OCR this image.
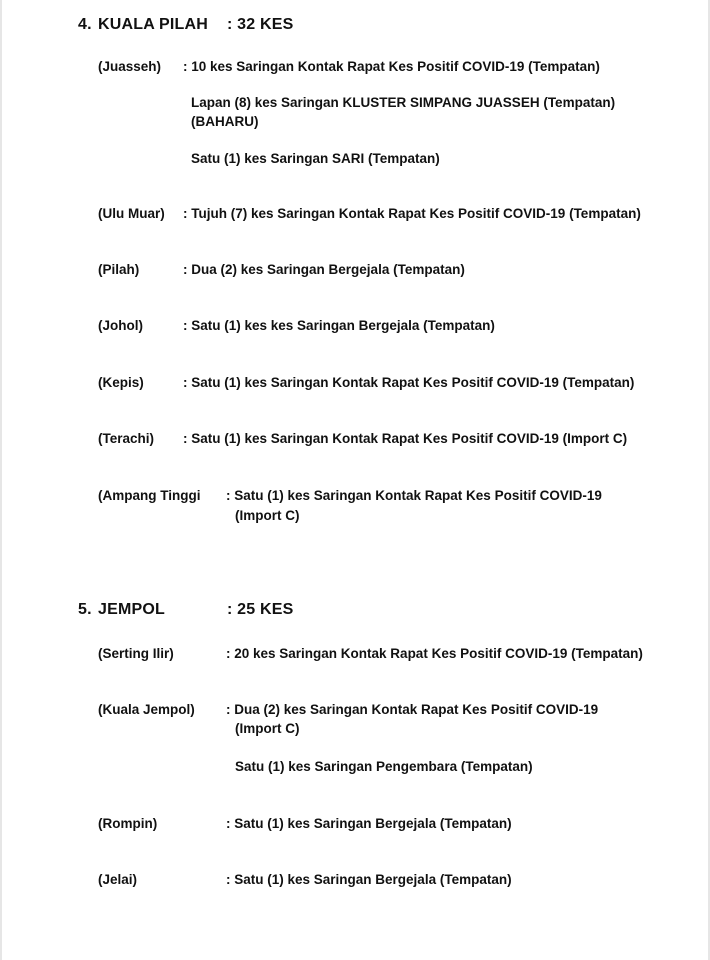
4. KUALA PILAH : 32 KES
(Juasseh) : 10 kes Saringan Kontak Rapat Kes Positif COVID-19 (Tempatan)
Lapan (8) kes Saringan KLUSTER SIMPANG JUASSEH (Tempatan)
(BAHARU)
Satu (1) kes Saringan SARI (Tempatan)
(Ulu Muar) : Tujuh (7) kes Saringan Kontak Rapat Kes Positif COVID-19 (Tempatan)
(Pilah)	: Dua (2) kes Saringan Bergejala (Tempatan)
(Johol)	: Satu (1) kes kes Saringan Bergejala (Tempatan)
(Kepis)	: Satu (1) kes Saringan Kontak Rapat Kes Positif COVID-19 (Tempatan)
(Terachi) : Satu (1) kes Saringan Kontak Rapat Kes Positif COVID-19 (Import C)
(Ampang Tinggi : Satu (1) kes Saringan Kontak Rapat Kes Positif COVID-19
(Import C)
5. JEMPOL	: 25 KES
(Serting Ilir)	: 20 kes Saringan Kontak Rapat Kes Positif COVID-19 (Tempatan)
(Kuala Jempol) : Dua (2) kes Saringan Kontak Rapat Kes Positif COVID-19
(Import C)
Satu (1) kes Saringan Pengembara (Tempatan)
(Rompin)	: Satu (1) kes Saringan Bergejala (Tempatan)
(Jelai)	: Satu (1) kes Saringan Bergejala (Tempatan)
